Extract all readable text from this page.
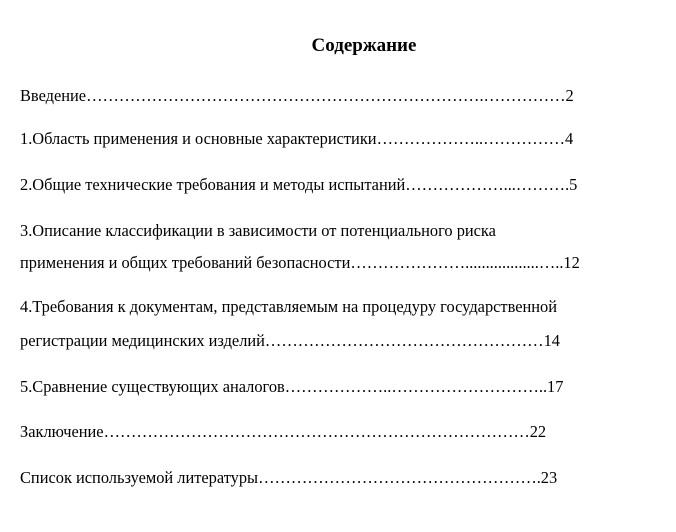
Содержание
Введение……………………………………………………………….……………2
1.Область применения и основные характеристики………………..……………4
2.Общие технические требования и методы испытаний………………...……….5
3.Описание классификации в зависимости от потенциального риска
применения и общих требований безопасности…………………..................…..12
4.Требования к документам, представляемым на процедуру государственной
регистрации медицинских изделий……………………………………………14
5.Сравнение существующих аналогов………………..………………………..17
Заключение……………………………………………………………………22
Список используемой литературы…………………………………………….23
